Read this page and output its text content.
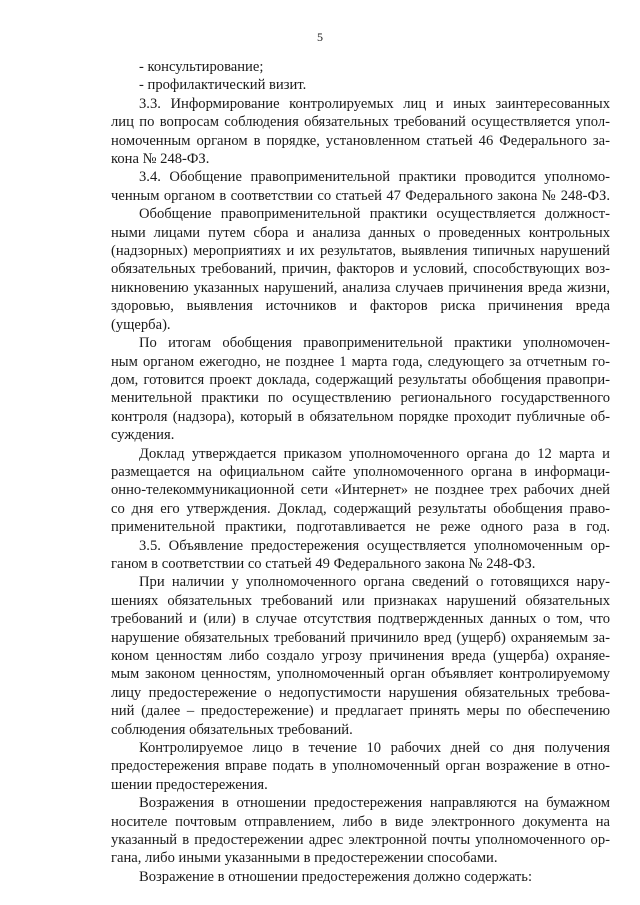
5
- консультирование;
- профилактический визит.
3.3. Информирование контролируемых лиц и иных заинтересованных
лиц по вопросам соблюдения обязательных требований осуществляется упол-
номоченным органом в порядке, установленном статьей 46 Федерального за-
кона № 248-ФЗ.
3.4. Обобщение правоприменительной практики проводится уполномо-
ченным органом в соответствии со статьей 47 Федерального закона № 248-ФЗ.
Обобщение правоприменительной практики осуществляется должност-
ными лицами путем сбора и анализа данных о проведенных контрольных
(надзорных) мероприятиях и их результатов, выявления типичных нарушений
обязательных требований, причин, факторов и условий, способствующих воз-
никновению указанных нарушений, анализа случаев причинения вреда жизни,
здоровью, выявления источников и факторов риска причинения вреда
(ущерба).
По итогам обобщения правоприменительной практики уполномочен-
ным органом ежегодно, не позднее 1 марта года, следующего за отчетным го-
дом, готовится проект доклада, содержащий результаты обобщения правопри-
менительной практики по осуществлению регионального государственного
контроля (надзора), который в обязательном порядке проходит публичные об-
суждения.
Доклад утверждается приказом уполномоченного органа до 12 марта и
размещается на официальном сайте уполномоченного органа в информаци-
онно-телекоммуникационной сети «Интернет» не позднее трех рабочих дней
со дня его утверждения. Доклад, содержащий результаты обобщения право-
применительной практики, подготавливается не реже одного раза в год.
3.5. Объявление предостережения осуществляется уполномоченным ор-
ганом в соответствии со статьей 49 Федерального закона № 248-ФЗ.
При наличии у уполномоченного органа сведений о готовящихся нару-
шениях обязательных требований или признаках нарушений обязательных
требований и (или) в случае отсутствия подтвержденных данных о том, что
нарушение обязательных требований причинило вред (ущерб) охраняемым за-
коном ценностям либо создало угрозу причинения вреда (ущерба) охраняе-
мым законом ценностям, уполномоченный орган объявляет контролируемому
лицу предостережение о недопустимости нарушения обязательных требова-
ний (далее – предостережение) и предлагает принять меры по обеспечению
соблюдения обязательных требований.
Контролируемое лицо в течение 10 рабочих дней со дня получения
предостережения вправе подать в уполномоченный орган возражение в отно-
шении предостережения.
Возражения в отношении предостережения направляются на бумажном
носителе почтовым отправлением, либо в виде электронного документа на
указанный в предостережении адрес электронной почты уполномоченного ор-
гана, либо иными указанными в предостережении способами.
Возражение в отношении предостережения должно содержать:
